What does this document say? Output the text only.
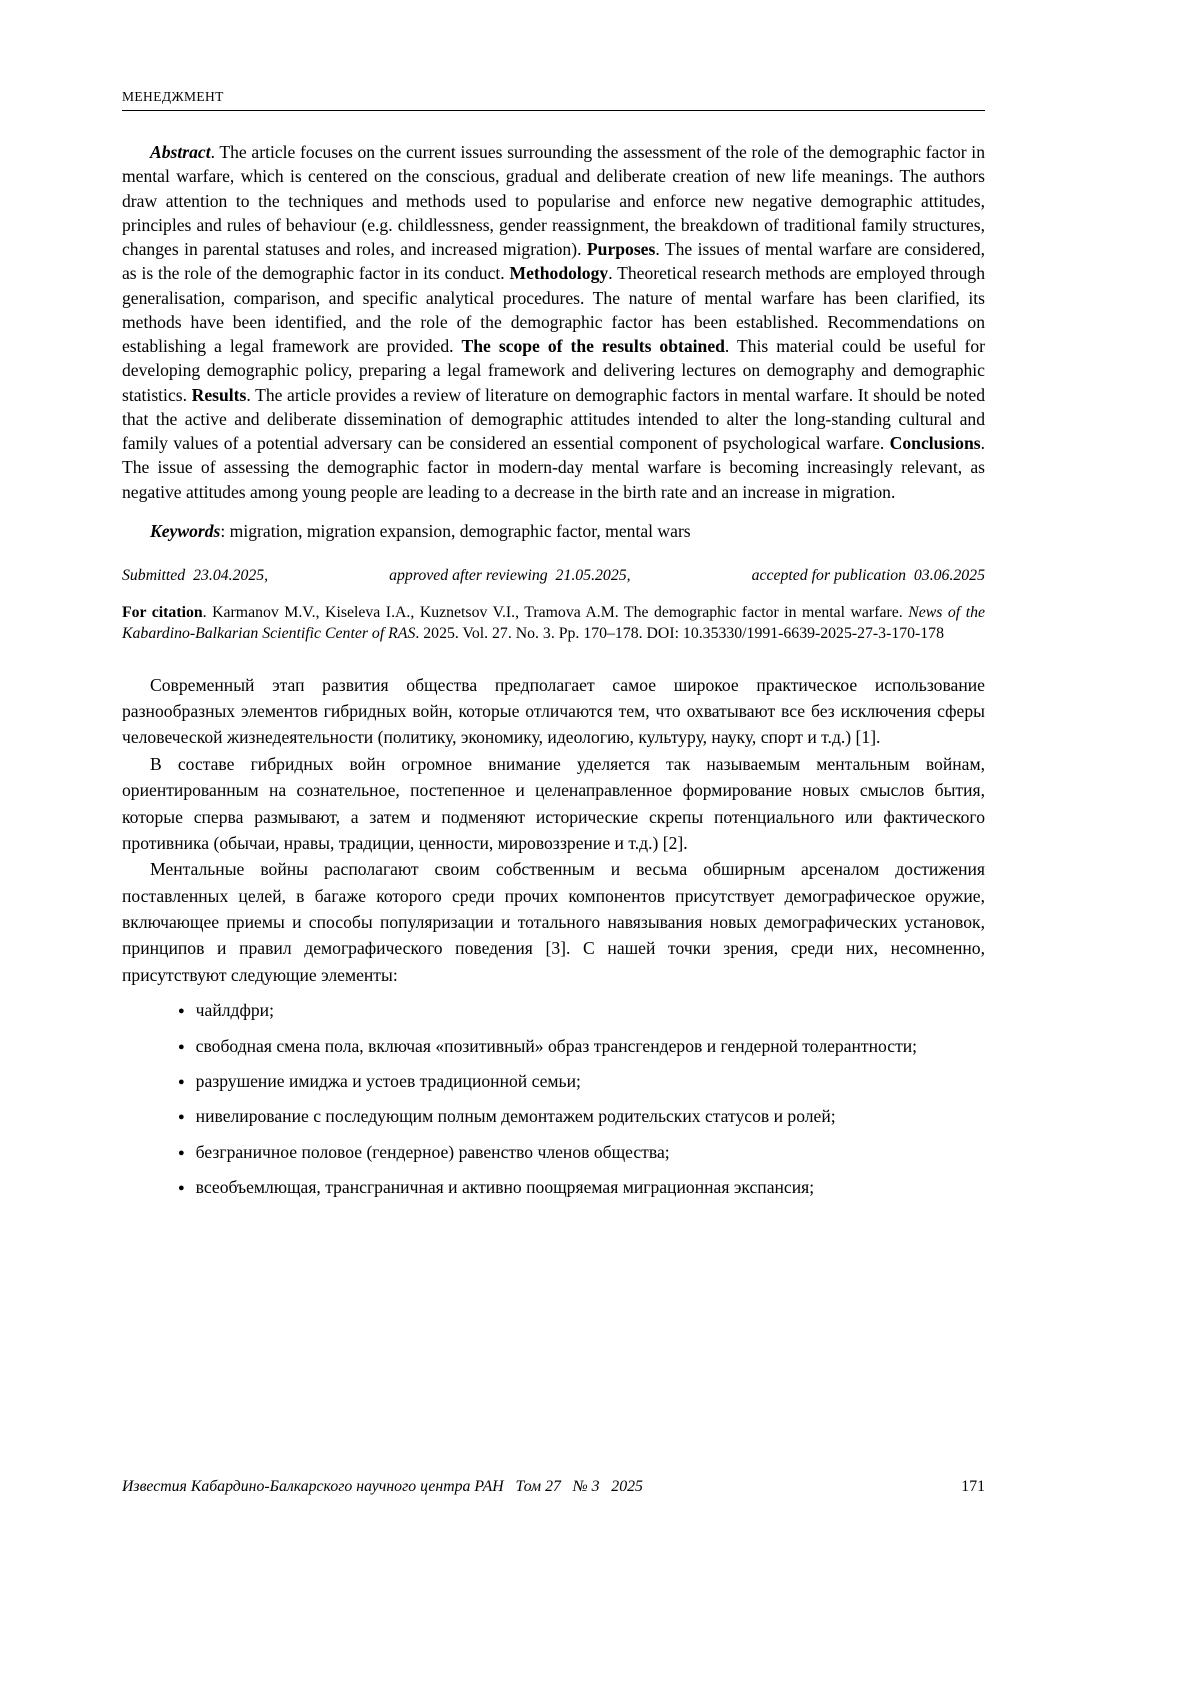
МЕНЕДЖМЕНТ

Abstract. The article focuses on the current issues surrounding the assessment of the role of the demographic factor in mental warfare, which is centered on the conscious, gradual and deliberate creation of new life meanings. The authors draw attention to the techniques and methods used to popularise and enforce new negative demographic attitudes, principles and rules of behaviour (e.g. childlessness, gender reassignment, the breakdown of traditional family structures, changes in parental statuses and roles, and increased migration). Purposes. The issues of mental warfare are considered, as is the role of the demographic factor in its conduct. Methodology. Theoretical research methods are employed through generalisation, comparison, and specific analytical procedures. The nature of mental warfare has been clarified, its methods have been identified, and the role of the demographic factor has been established. Recommendations on establishing a legal framework are provided. The scope of the results obtained. This material could be useful for developing demographic policy, preparing a legal framework and delivering lectures on demography and demographic statistics. Results. The article provides a review of literature on demographic factors in mental warfare. It should be noted that the active and deliberate dissemination of demographic attitudes intended to alter the long-standing cultural and family values of a potential adversary can be considered an essential component of psychological warfare. Conclusions. The issue of assessing the demographic factor in modern-day mental warfare is becoming increasingly relevant, as negative attitudes among young people are leading to a decrease in the birth rate and an increase in migration.

Keywords: migration, migration expansion, demographic factor, mental wars

Submitted  23.04.2025,	approved after reviewing  21.05.2025,	accepted for publication  03.06.2025

For citation. Karmanov M.V., Kiseleva I.A., Kuznetsov V.I., Tramova A.M. The demographic factor in mental warfare. News of the Kabardino-Balkarian Scientific Center of RAS. 2025. Vol. 27. No. 3. Pp. 170–178. DOI: 10.35330/1991-6639-2025-27-3-170-178

Современный этап развития общества предполагает самое широкое практическое использование разнообразных элементов гибридных войн, которые отличаются тем, что охватывают все без исключения сферы человеческой жизнедеятельности (политику, экономику, идеологию, культуру, науку, спорт и т.д.) [1].

В составе гибридных войн огромное внимание уделяется так называемым ментальным войнам, ориентированным на сознательное, постепенное и целенаправленное формирование новых смыслов бытия, которые сперва размывают, а затем и подменяют исторические скрепы потенциального или фактического противника (обычаи, нравы, традиции, ценности, мировоззрение и т.д.) [2].

Ментальные войны располагают своим собственным и весьма обширным арсеналом достижения поставленных целей, в багаже которого среди прочих компонентов присутствует демографическое оружие, включающее приемы и способы популяризации и тотального навязывания новых демографических установок, принципов и правил демографического поведения [3]. С нашей точки зрения, среди них, несомненно, присутствуют следующие элементы:

● чайлдфри;

● свободная смена пола, включая «позитивный» образ трансгендеров и гендерной толерантности;

● разрушение имиджа и устоев традиционной семьи;

● нивелирование с последующим полным демонтажем родительских статусов и ролей;

● безграничное половое (гендерное) равенство членов общества;

● всеобъемлющая, трансграничная и активно поощряемая миграционная экспансия;

Известия Кабардино-Балкарского научного центра РАН   Том 27   № 3   2025	171
